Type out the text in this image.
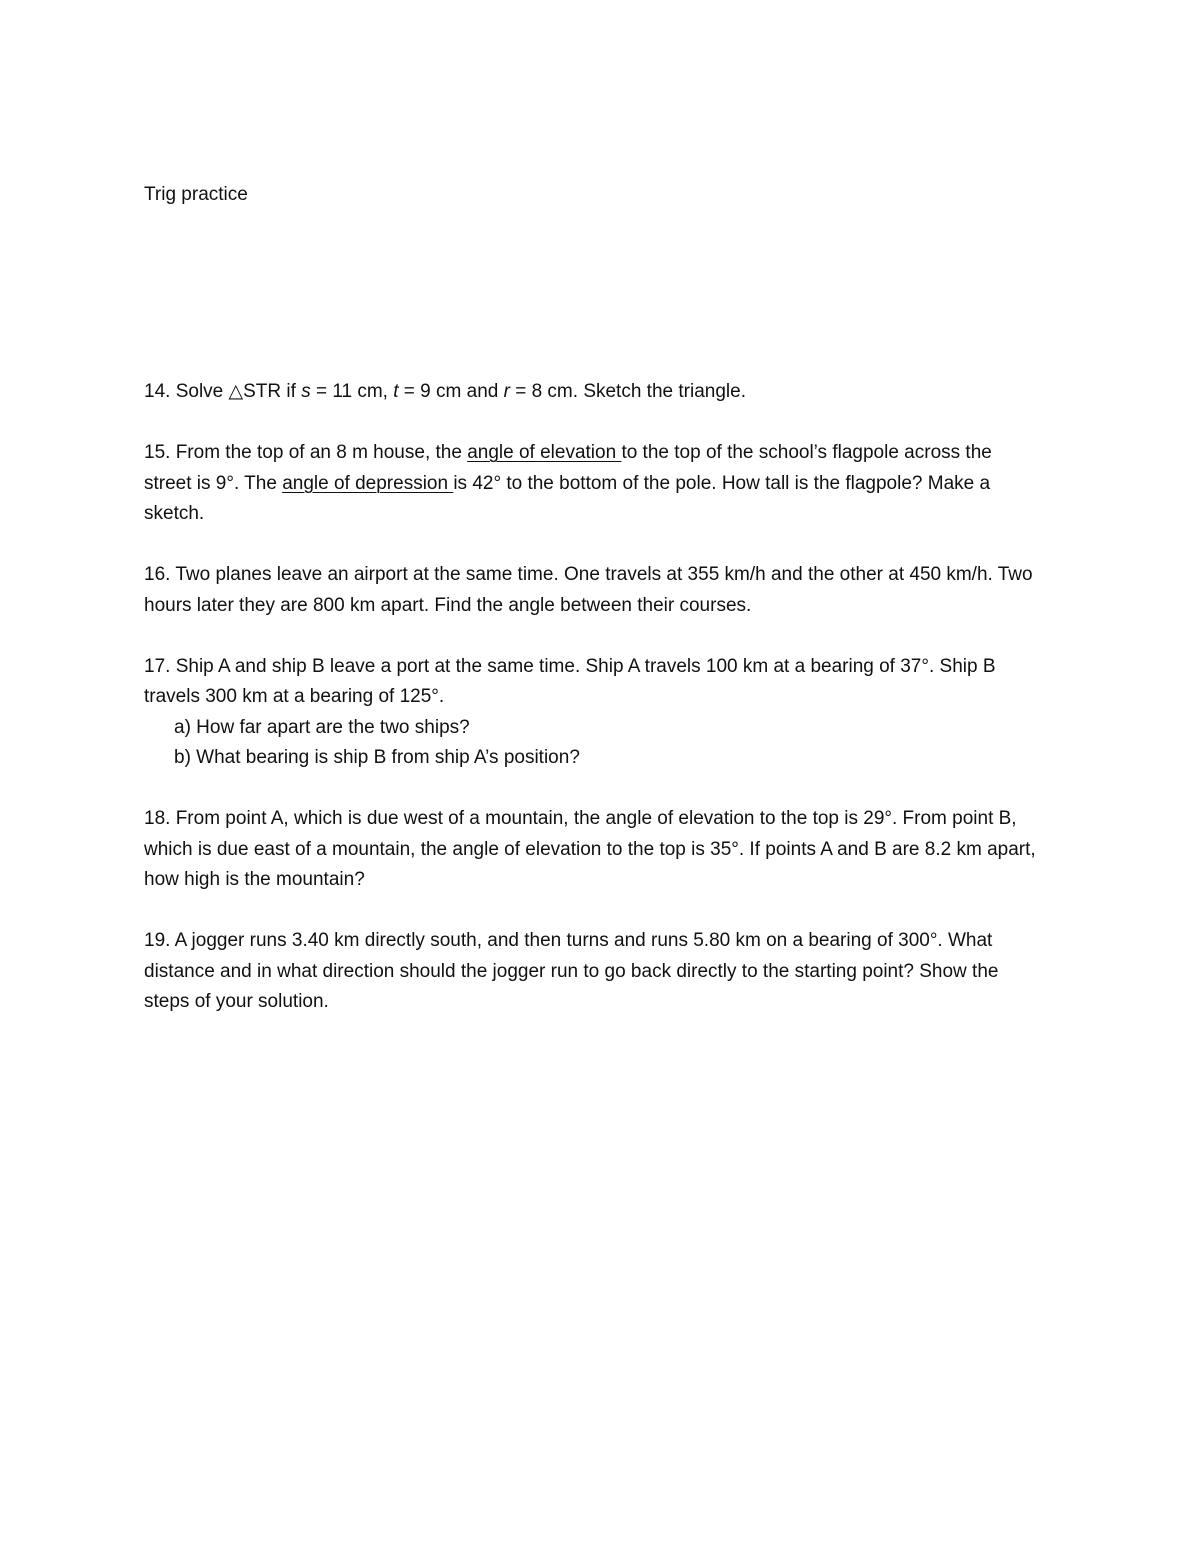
Trig practice

14. Solve △STR if s = 11 cm, t = 9 cm and r = 8 cm. Sketch the triangle.

15. From the top of an 8 m house, the angle of elevation to the top of the school’s flagpole across the street is 9°. The angle of depression is 42° to the bottom of the pole. How tall is the flagpole? Make a sketch.

16. Two planes leave an airport at the same time. One travels at 355 km/h and the other at 450 km/h. Two hours later they are 800 km apart. Find the angle between their courses.

17. Ship A and ship B leave a port at the same time. Ship A travels 100 km at a bearing of 37°. Ship B travels 300 km at a bearing of 125°.

a) How far apart are the two ships?

b) What bearing is ship B from ship A’s position?

18. From point A, which is due west of a mountain, the angle of elevation to the top is 29°. From point B, which is due east of a mountain, the angle of elevation to the top is 35°. If points A and B are 8.2 km apart, how high is the mountain?

19. A jogger runs 3.40 km directly south, and then turns and runs 5.80 km on a bearing of 300°. What distance and in what direction should the jogger run to go back directly to the starting point? Show the steps of your solution.
